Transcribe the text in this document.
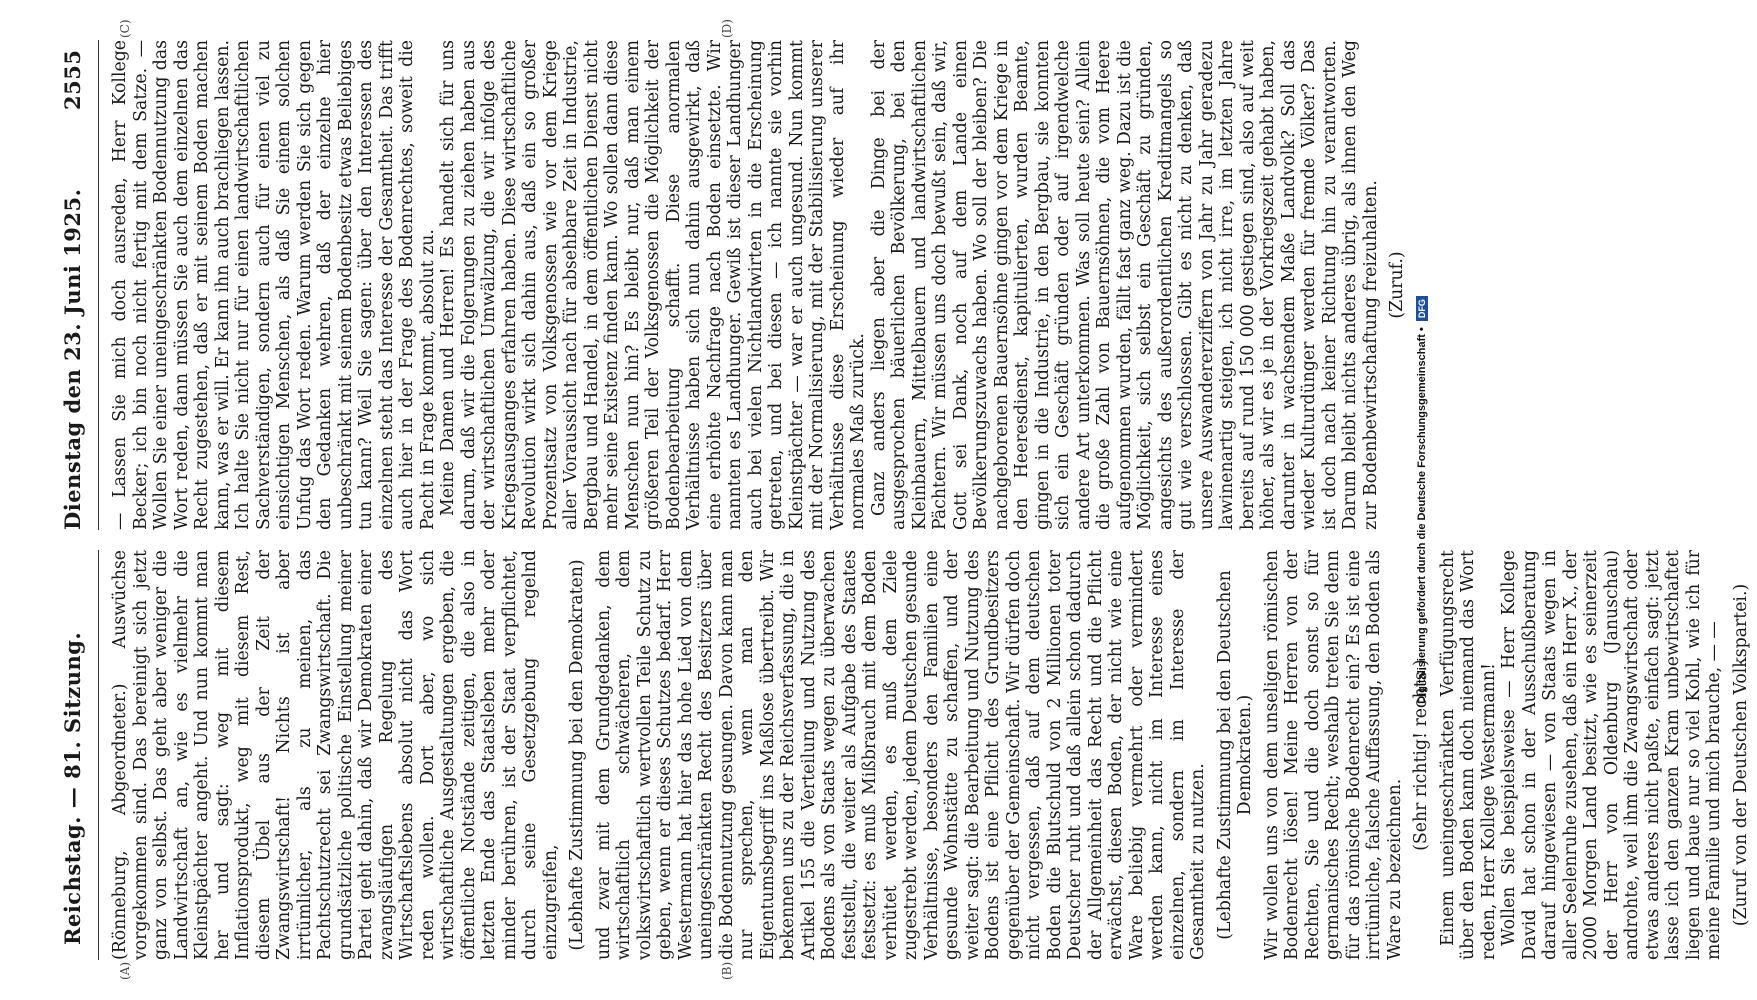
Reichstag. — 81. Sitzung.
Dienstag den 23. Juni 1925.
2555
(A)	(B)
(C)	(D)

(Rönneburg, Abgeordneter.) Auswüchse vorgekommen sind. Das bereinigt sich jetzt ganz von selbst. Das geht aber weniger die Landwirtschaft an, wie es vielmehr die Kleinstpächter angeht. Und nun kommt man her und sagt: weg mit diesem Inflationsprodukt, weg mit diesem Rest, diesem Übel aus der Zeit der Zwangswirtschaft! Nichts ist aber irrtümlicher, als zu meinen, das Pachtschutzrecht sei Zwangswirtschaft. Die grundsätzliche politische Einstellung meiner Partei geht dahin, daß wir Demokraten einer zwangsläufigen Regelung des Wirtschaftslebens absolut nicht das Wort reden wollen. Dort aber, wo sich wirtschaftliche Ausgestaltungen ergeben, die öffentliche Notstände zeitigen, die also in letzten Ende das Staatsleben mehr oder minder berühren, ist der Staat verpflichtet, durch seine Gesetzgebung regelnd einzugreifen, (Lebhafte Zustimmung bei den Demokraten) und zwar mit dem Grundgedanken, dem wirtschaftlich schwächeren, dem volkswirtschaftlich wertvollen Teile Schutz zu geben, wenn er dieses Schutzes bedarf. Herr Westermann hat hier das hohe Lied von dem uneingeschränkten Recht des Besitzers über die Bodennutzung gesungen. Davon kann man nur sprechen, wenn man den Eigentumsbegriff ins Maßlose übertreibt. Wir bekennen uns zu der Reichsverfassung, die in Artikel 155 die Verteilung und Nutzung des Bodens als von Staats wegen zu überwachen feststellt, die weiter als Aufgabe des Staates festsetzt: es muß Mißbrauch mit dem Boden verhütet werden, es muß dem Ziele zugestrebt werden, jedem Deutschen gesunde Verhältnisse, besonders den Familien eine gesunde Wohnstätte zu schaffen, und der weiter sagt: die Bearbeitung und Nutzung des Bodens ist eine Pflicht des Grundbesitzers gegenüber der Gemeinschaft. Wir dürfen doch nicht vergessen, daß auf dem deutschen Boden die Blutschuld von 2 Millionen toter Deutscher ruht und daß allein schon dadurch der Allgemeinheit das Recht und die Pflicht erwächst, diesen Boden, der nicht wie eine Ware beliebig vermehrt oder vermindert werden kann, nicht im Interesse eines einzelnen, sondern im Interesse der Gesamtheit zu nutzen. (Lebhafte Zustimmung bei den Deutschen Demokraten.) Wir wollen uns von dem unseligen römischen Bodenrecht lösen! Meine Herren von der Rechten, Sie und die doch sonst so für germanisches Recht; weshalb treten Sie denn für das römische Bodenrecht ein? Es ist eine irrtümliche, falsche Auffassung, den Boden als Ware zu bezeichnen.

(Sehr richtig! rechts.) Einem uneingeschränkten Verfügungsrecht über den Boden kann doch niemand das Wort reden, Herr Kollege Westermann! Wollen Sie beispielsweise — Herr Kollege David hat schon in der Ausschußberatung darauf hingewiesen — von Staats wegen in aller Seelenruhe zusehen, daß ein Herr X., der 2000 Morgen Land besitzt, wie es seinerzeit der Herr von Oldenburg (Januschau) androhte, weil ihm die Zwangswirtschaft oder etwas anderes nicht paßte, einfach sagt: jetzt lasse ich den ganzen Kram unbewirtschaftet liegen und baue nur so viel Kohl, wie ich für meine Familie und mich brauche, — — (Zuruf von der Deutschen Volkspartei.)

— Lassen Sie mich doch ausreden, Herr Kollege Becker; ich bin noch nicht fertig mit dem Satze. — Wollen Sie einer uneingeschränkten Bodennutzung das Wort reden, dann müssen Sie auch dem einzelnen das Recht zugestehen, daß er mit seinem Boden machen kann, was er will. Er kann ihn auch brachliegen lassen. Ich halte Sie nicht nur für einen landwirtschaftlichen Sachverständigen, sondern auch für einen viel zu einsichtigen Menschen, als daß Sie einem solchen Unfug das Wort reden. Warum werden Sie sich gegen den Gedanken wehren, daß der einzelne hier unbeschränkt mit seinem Bodenbesitz etwas Beliebiges tun kann? Weil Sie sagen: über den Interessen des einzelnen steht das Interesse der Gesamtheit. Das trifft auch hier in der Frage des Bodenrechtes, soweit die Pacht in Frage kommt, absolut zu. Meine Damen und Herren! Es handelt sich für uns darum, daß wir die Folgerungen zu ziehen haben aus der wirtschaftlichen Umwälzung, die wir infolge des Kriegsausganges erfahren haben. Diese wirtschaftliche Revolution wirkt sich dahin aus, daß ein so großer Prozentsatz von Volksgenossen wie vor dem Kriege aller Voraussicht nach für absehbare Zeit in Industrie, Bergbau und Handel, in dem öffentlichen Dienst nicht mehr seine Existenz finden kann. Wo sollen dann diese Menschen nun hin? Es bleibt nur, daß man einem größeren Teil der Volksgenossen die Möglichkeit der Bodenbearbeitung schafft. Diese anormalen Verhältnisse haben sich nun dahin ausgewirkt, daß eine erhöhte Nachfrage nach Boden einsetzte. Wir nannten es Landhunger. Gewiß ist dieser Landhunger auch bei vielen Nichtlandwirten in die Erscheinung getreten, und bei diesen — ich nannte sie vorhin Kleinstpächter — war er auch ungesund. Nun kommt mit der Normalisierung, mit der Stabilisierung unserer Verhältnisse diese Erscheinung wieder auf ihr normales Maß zurück. Ganz anders liegen aber die Dinge bei der ausgesprochen bäuerlichen Bevölkerung, bei den Kleinbauern, Mittelbauern und landwirtschaftlichen Pächtern. Wir müssen uns doch bewußt sein, daß wir, Gott sei Dank, noch auf dem Lande einen Bevölkerungszuwachs haben. Wo soll der bleiben? Die nachgeborenen Bauernsöhne gingen vor dem Kriege in den Heeresdienst, kapitulierten, wurden Beamte, gingen in die Industrie, in den Bergbau, sie konnten sich ein Geschäft gründen oder auf irgendwelche andere Art unterkommen. Was soll heute sein? Allein die große Zahl von Bauernsöhnen, die vom Heere aufgenommen wurden, fällt fast ganz weg. Dazu ist die Möglichkeit, sich selbst ein Geschäft zu gründen, angesichts des außerordentlichen Kreditmangels so gut wie verschlossen. Gibt es nicht zu denken, daß unsere Auswandererziffern von Jahr zu Jahr geradezu lawinenartig steigen, ich nicht irre, im letzten Jahre bereits auf rund 150 000 gestiegen sind, also auf weit höher, als wir es je in der Vorkriegszeit gehabt haben, darunter in wachsendem Maße Landvolk? Soll das wieder Kulturdünger werden für fremde Völker? Das ist doch nach keiner Richtung hin zu verantworten. Darum bleibt nichts anderes übrig, als ihnen den Weg zur Bodenbewirtschaftung freizuhalten. (Zuruf.)

Digitalisierung gefördert durch die Deutsche Forschungsgemeinschaft •
DFG
